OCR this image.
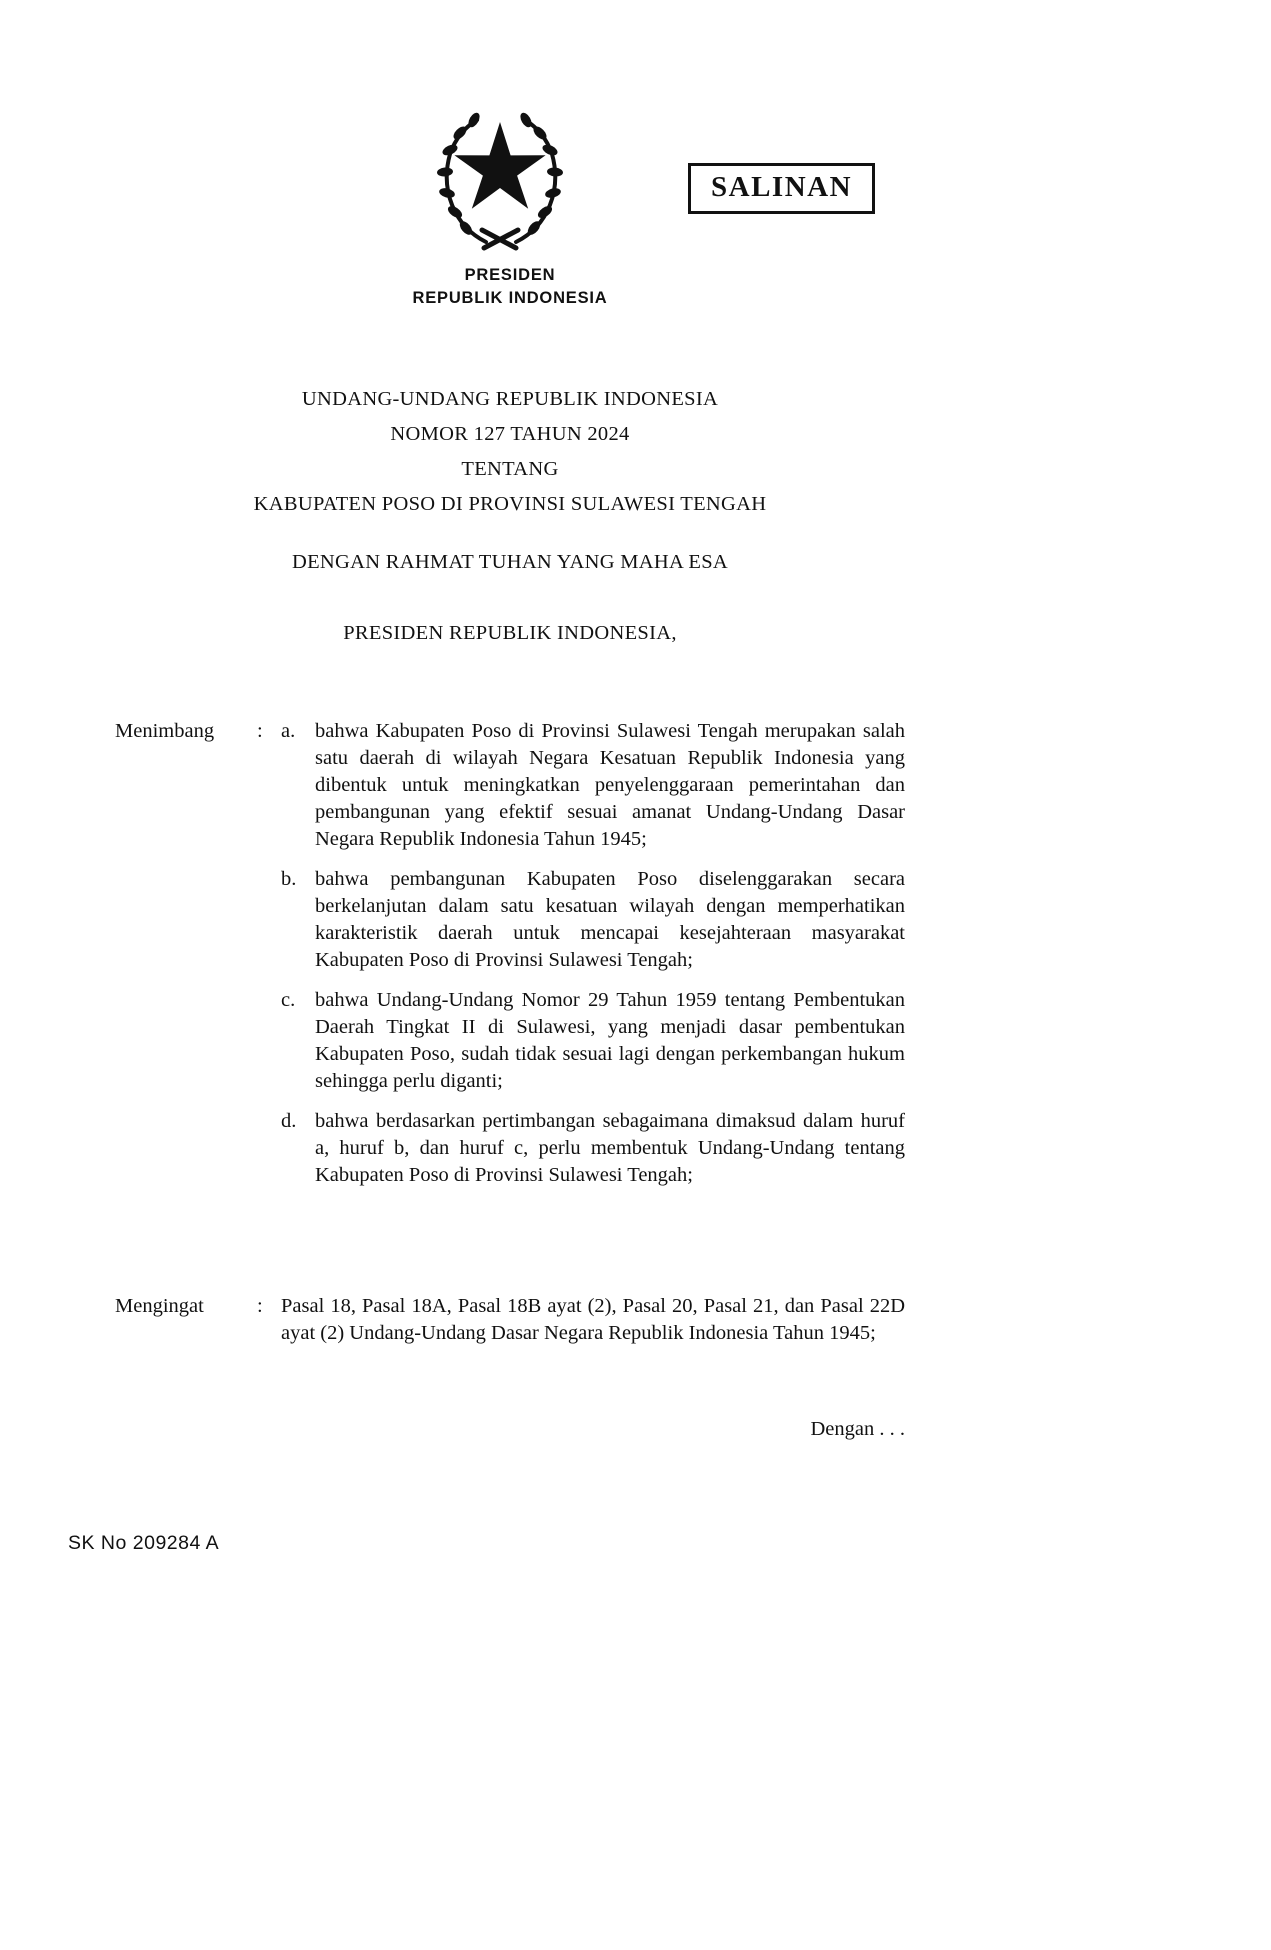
SALINAN
PRESIDEN
REPUBLIK INDONESIA
UNDANG-UNDANG REPUBLIK INDONESIA
NOMOR 127 TAHUN 2024
TENTANG
KABUPATEN POSO DI PROVINSI SULAWESI TENGAH
DENGAN RAHMAT TUHAN YANG MAHA ESA
PRESIDEN REPUBLIK INDONESIA,
Menimbang	: a. bahwa Kabupaten Poso di Provinsi Sulawesi Tengah merupakan salah satu daerah di wilayah Negara Kesatuan Republik Indonesia yang dibentuk untuk meningkatkan penyelenggaraan pemerintahan dan pembangunan yang efektif sesuai amanat Undang-Undang Dasar Negara Republik Indonesia Tahun 1945;
b. bahwa pembangunan Kabupaten Poso diselenggarakan secara berkelanjutan dalam satu kesatuan wilayah dengan memperhatikan karakteristik daerah untuk mencapai kesejahteraan masyarakat Kabupaten Poso di Provinsi Sulawesi Tengah;
c. bahwa Undang-Undang Nomor 29 Tahun 1959 tentang Pembentukan Daerah Tingkat II di Sulawesi, yang menjadi dasar pembentukan Kabupaten Poso, sudah tidak sesuai lagi dengan perkembangan hukum sehingga perlu diganti;
d. bahwa berdasarkan pertimbangan sebagaimana dimaksud dalam huruf a, huruf b, dan huruf c, perlu membentuk Undang-Undang tentang Kabupaten Poso di Provinsi Sulawesi Tengah;
Mengingat	: Pasal 18, Pasal 18A, Pasal 18B ayat (2), Pasal 20, Pasal 21, dan Pasal 22D ayat (2) Undang-Undang Dasar Negara Republik Indonesia Tahun 1945;
Dengan . . .
SK No 209284 A
